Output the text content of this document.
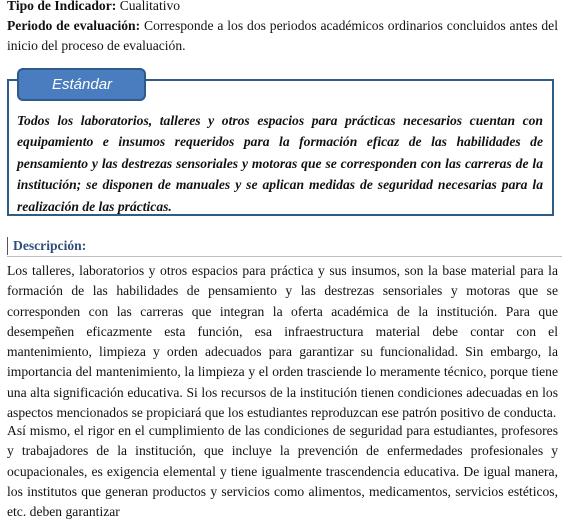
Tipo de Indicador: Cualitativo

Periodo de evaluación: Corresponde a los dos periodos académicos ordinarios concluidos antes del inicio del proceso de evaluación.

Estándar

Todos los laboratorios, talleres y otros espacios para prácticas necesarios cuentan con equipamiento e insumos requeridos para la formación eficaz de las habilidades de pensamiento y las destrezas sensoriales y motoras que se corresponden con las carreras de la institución; se disponen de manuales y se aplican medidas de seguridad necesarias para la realización de las prácticas.

Descripción:

Los talleres, laboratorios y otros espacios para práctica y sus insumos, son la base material para la formación de las habilidades de pensamiento y las destrezas sensoriales y motoras que se corresponden con las carreras que integran la oferta académica de la institución. Para que desempeñen eficazmente esta función, esa infraestructura material debe contar con el mantenimiento, limpieza y orden adecuados para garantizar su funcionalidad. Sin embargo, la importancia del mantenimiento, la limpieza y el orden trasciende lo meramente técnico, porque tiene una alta significación educativa. Si los recursos de la institución tienen condiciones adecuadas en los aspectos mencionados se propiciará que los estudiantes reproduzcan ese patrón positivo de conducta.

Así mismo, el rigor en el cumplimiento de las condiciones de seguridad para estudiantes, profesores y trabajadores de la institución, que incluye la prevención de enfermedades profesionales y ocupacionales, es exigencia elemental y tiene igualmente trascendencia educativa. De igual manera, los institutos que generan productos y servicios como alimentos, medicamentos, servicios estéticos, etc. deben garantizar
